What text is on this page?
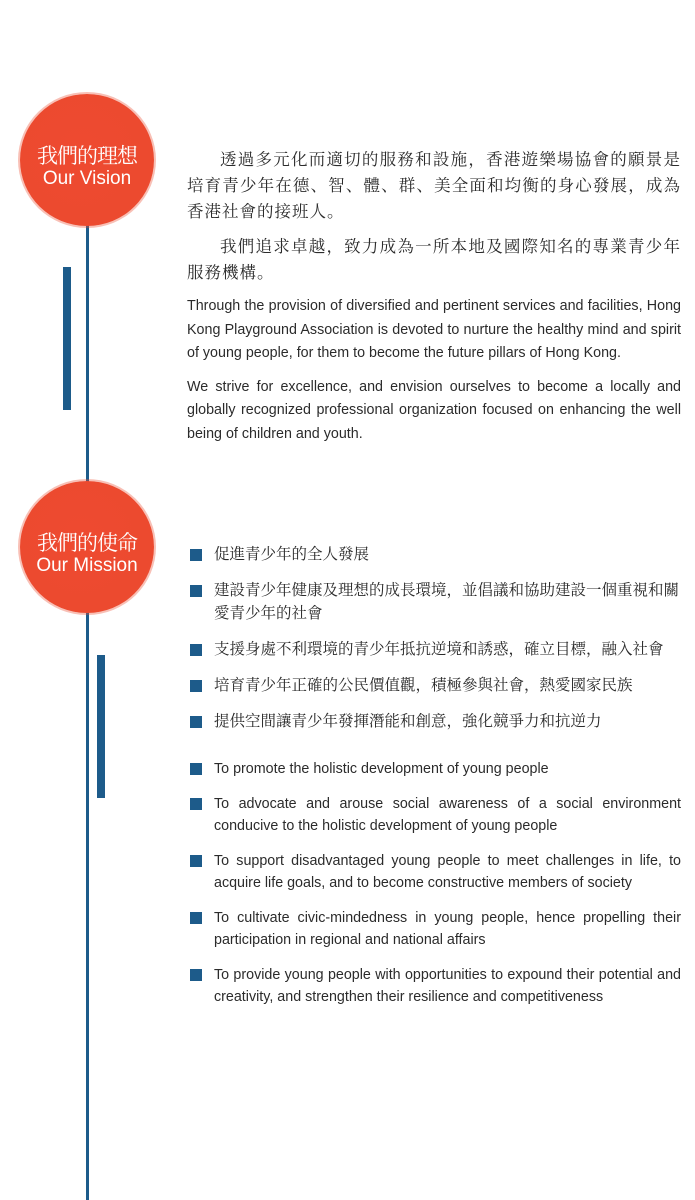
我們的理想
Our Vision
我們的使命
Our Mission

透過多元化而適切的服務和設施，香港遊樂場協會的願景是培育青少年在德、智、體、群、美全面和均衡的身心發展，成為香港社會的接班人。

我們追求卓越，致力成為一所本地及國際知名的專業青少年服務機構。

Through the provision of diversified and pertinent services and facilities, Hong Kong Playground Association is devoted to nurture the healthy mind and spirit of young people, for them to become the future pillars of Hong Kong.

We strive for excellence, and envision ourselves to become a locally and globally recognized professional organization focused on enhancing the well being of children and youth.

促進青少年的全人發展
建設青少年健康及理想的成長環境，並倡議和協助建設一個重視和關愛青少年的社會
支援身處不利環境的青少年抵抗逆境和誘惑，確立目標，融入社會
培育青少年正確的公民價值觀，積極參與社會，熱愛國家民族
提供空間讓青少年發揮潛能和創意，強化競爭力和抗逆力
To promote the holistic development of young people
To advocate and arouse social awareness of a social environment conducive to the holistic development of young people
To support disadvantaged young people to meet challenges in life, to acquire life goals, and to become constructive members of society
To cultivate civic-mindedness in young people, hence propelling their participation in regional and national affairs
To provide young people with opportunities to expound their potential and creativity, and strengthen their resilience and competitiveness
